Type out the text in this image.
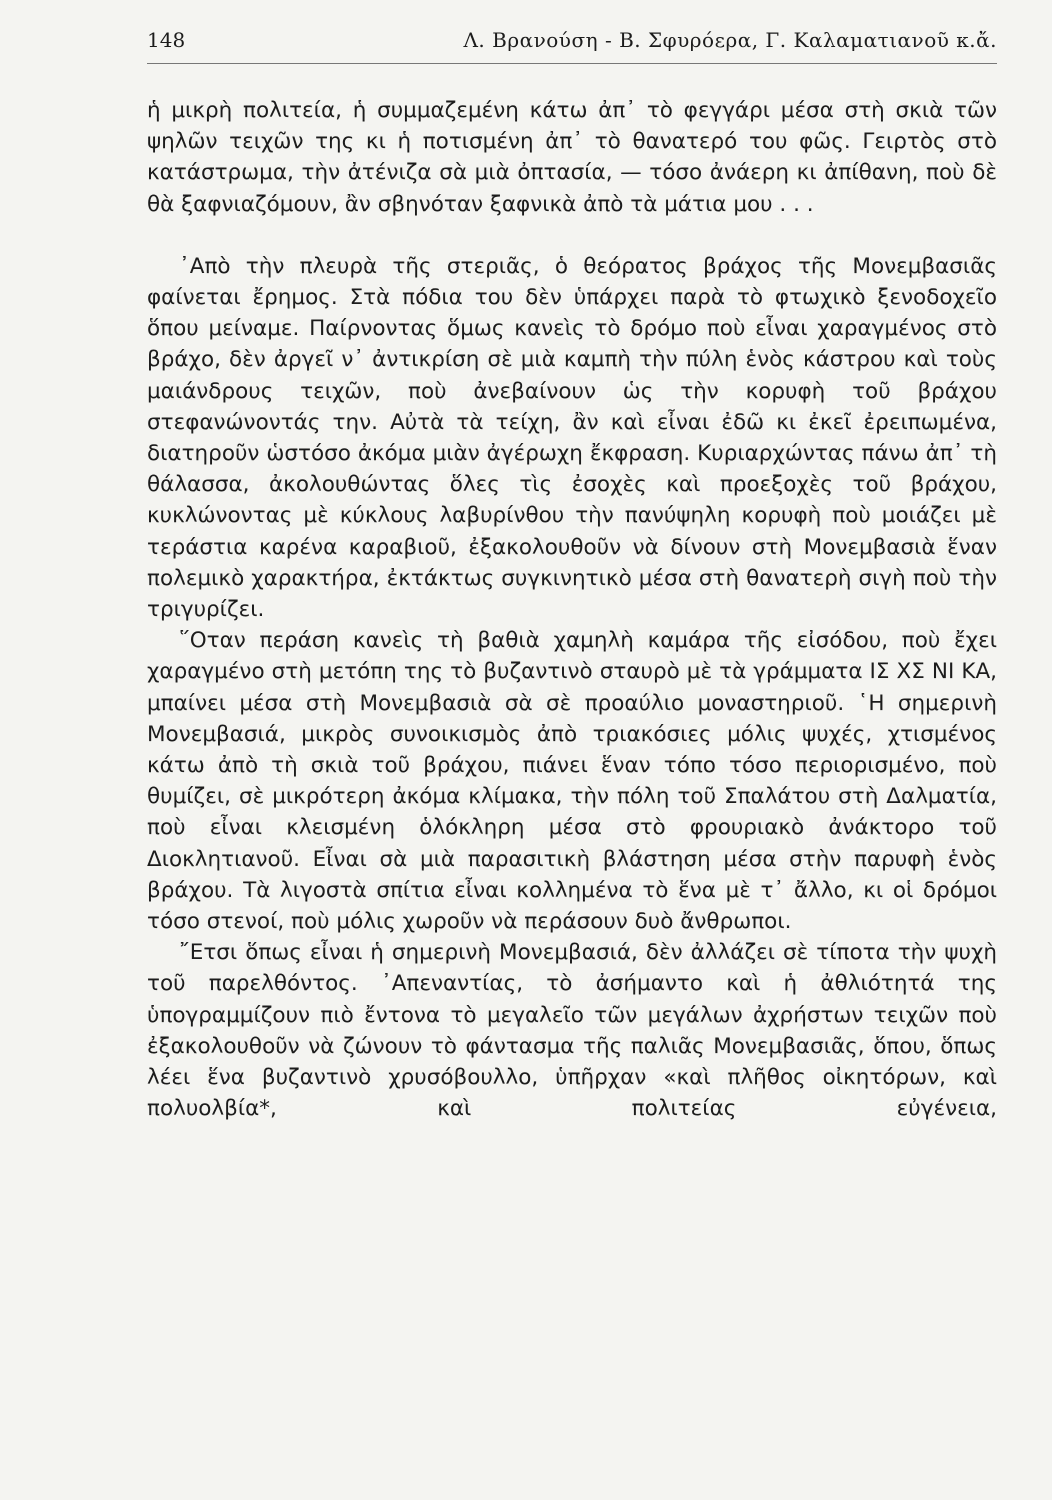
148	Λ. Βρανούση - Β. Σφυρόερα, Γ. Καλαματιανοῦ κ.ἄ.

ἡ μικρὴ πολιτεία, ἡ συμμαζεμένη κάτω ἀπ᾽ τὸ φεγγάρι μέσα στὴ σκιὰ τῶν ψηλῶν τειχῶν της κι ἡ ποτισμένη ἀπ᾽ τὸ θανατερό του φῶς. Γειρτὸς στὸ κατάστρωμα, τὴν ἀτένιζα σὰ μιὰ ὀπτασία, — τόσο ἀνάερη κι ἀπίθανη, ποὺ δὲ θὰ ξαφνιαζόμουν, ἂν σβηνόταν ξαφνικὰ ἀπὸ τὰ μάτια μου . . .

᾽Απὸ τὴν πλευρὰ τῆς στεριᾶς, ὁ θεόρατος βράχος τῆς Μονεμβασιᾶς φαίνεται ἔρημος. Στὰ πόδια του δὲν ὑπάρχει παρὰ τὸ φτωχικὸ ξενοδοχεῖο ὅπου μείναμε. Παίρνοντας ὅμως κανεὶς τὸ δρόμο ποὺ εἶναι χαραγμένος στὸ βράχο, δὲν ἀργεῖ ν᾽ ἀντικρίση σὲ μιὰ καμπὴ τὴν πύλη ἑνὸς κάστρου καὶ τοὺς μαιάνδρους τειχῶν, ποὺ ἀνεβαίνουν ὡς τὴν κορυφὴ τοῦ βράχου στεφανώνοντάς την. Αὐτὰ τὰ τείχη, ἂν καὶ εἶναι ἐδῶ κι ἐκεῖ ἐρειπωμένα, διατηροῦν ὡστόσο ἀκόμα μιὰν ἀγέρωχη ἔκφραση. Κυριαρχώντας πάνω ἀπ᾽ τὴ θάλασσα, ἀκολουθώντας ὅλες τὶς ἐσοχὲς καὶ προεξοχὲς τοῦ βράχου, κυκλώνοντας μὲ κύκλους λαβυρίνθου τὴν πανύψηλη κορυφὴ ποὺ μοιάζει μὲ τεράστια καρένα καραβιοῦ, ἐξακολουθοῦν νὰ δίνουν στὴ Μονεμβασιὰ ἕναν πολεμικὸ χαρακτήρα, ἐκτάκτως συγκινητικὸ μέσα στὴ θανατερὴ σιγὴ ποὺ τὴν τριγυρίζει.

῞Οταν περάση κανεὶς τὴ βαθιὰ χαμηλὴ καμάρα τῆς εἰσόδου, ποὺ ἔχει χαραγμένο στὴ μετόπη της τὸ βυζαντινὸ σταυρὸ μὲ τὰ γράμματα ΙΣ ΧΣ ΝΙ ΚΑ, μπαίνει μέσα στὴ Μονεμβασιὰ σὰ σὲ προαύλιο μοναστηριοῦ. ῾Η σημερινὴ Μονεμβασιά, μικρὸς συνοικισμὸς ἀπὸ τριακόσιες μόλις ψυχές, χτισμένος κάτω ἀπὸ τὴ σκιὰ τοῦ βράχου, πιάνει ἕναν τόπο τόσο περιορισμένο, ποὺ θυμίζει, σὲ μικρότερη ἀκόμα κλίμακα, τὴν πόλη τοῦ Σπαλάτου στὴ Δαλματία, ποὺ εἶναι κλεισμένη ὁλόκληρη μέσα στὸ φρουριακὸ ἀνάκτορο τοῦ Διοκλητιανοῦ. Εἶναι σὰ μιὰ παρασιτικὴ βλάστηση μέσα στὴν παρυφὴ ἑνὸς βράχου. Τὰ λιγοστὰ σπίτια εἶναι κολλημένα τὸ ἕνα μὲ τ᾽ ἄλλο, κι οἱ δρόμοι τόσο στενοί, ποὺ μόλις χωροῦν νὰ περάσουν δυὸ ἄνθρωποι.

῎Ετσι ὅπως εἶναι ἡ σημερινὴ Μονεμβασιά, δὲν ἀλλάζει σὲ τίποτα τὴν ψυχὴ τοῦ παρελθόντος. ᾽Απεναντίας, τὸ ἀσήμαντο καὶ ἡ ἀθλιότητά της ὑπογραμμίζουν πιὸ ἔντονα τὸ μεγαλεῖο τῶν μεγάλων ἀχρήστων τειχῶν ποὺ ἐξακολουθοῦν νὰ ζώνουν τὸ φάντασμα τῆς παλιᾶς Μονεμβασιᾶς, ὅπου, ὅπως λέει ἕνα βυζαντινὸ χρυσόβουλλο, ὑπῆρχαν «καὶ πλῆθος οἰκητόρων, καὶ πολυολβία*, καὶ πολιτείας εὐγένεια,
